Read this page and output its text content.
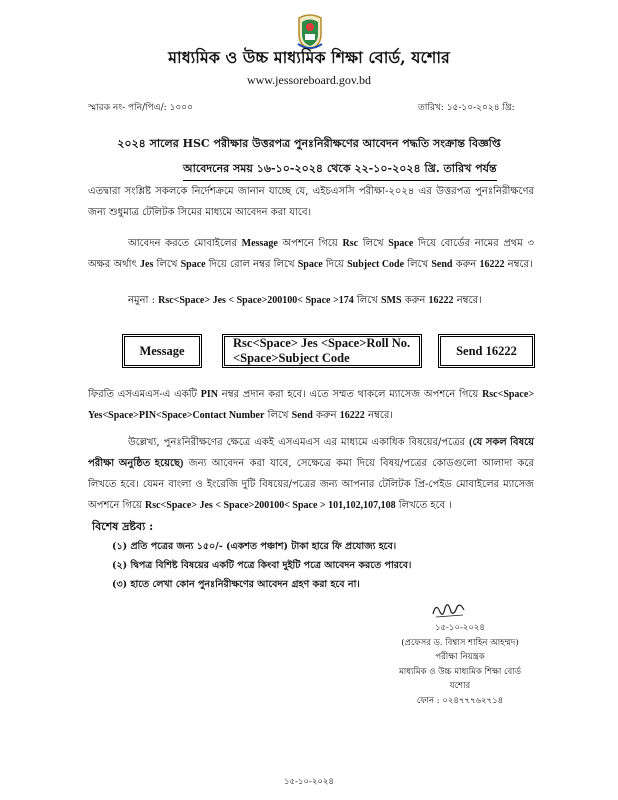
মাধ্যমিক ও উচ্চ মাধ্যমিক শিক্ষা বোর্ড, যশোর
www.jessoreboard.gov.bd
স্মারক নং- পনি/পিএ/: ১০০০	তারিখ: ১৫-১০-২০২৪ খ্রি:
২০২৪ সালের HSC পরীক্ষার উত্তরপত্র পুনঃনিরীক্ষণের আবেদন পদ্ধতি সংক্রান্ত বিজ্ঞপ্তি
আবেদনের সময় ১৬-১০-২০২৪ থেকে ২২-১০-২০২৪ খ্রি. তারিখ পর্যন্ত
এতদ্বারা সংশ্লিষ্ট সকলকে নির্দেশক্রমে জানান যাচ্ছে যে, এইচএসসি পরীক্ষা-২০২৪ এর উত্তরপত্র পুনঃনিরীক্ষণের জন্য শুধুমাত্র টেলিটক সিমের মাধ্যমে আবেদন করা যাবে।
আবেদন করতে মোবাইলের Message অপশনে গিয়ে Rsc লিখে Space দিয়ে বোর্ডের নামের প্রথম ৩ অক্ষর অর্থাৎ Jes লিখে Space দিয়ে রোল নম্বর লিখে Space দিয়ে Subject Code লিখে Send করুন 16222 নম্বরে।
নমুনা : Rsc<Space> Jes < Space>200100< Space >174 লিখে SMS করুন 16222 নম্বরে।
Message
Rsc<Space> Jes <Space>Roll No.<Space>Subject Code
Send 16222
ফিরতি এসএমএস-এ একটি PIN নম্বর প্রদান করা হবে। এতে সম্মত থাকলে ম্যাসেজ অপশনে গিয়ে Rsc<Space> Yes<Space>PIN<Space>Contact Number লিখে Send করুন 16222 নম্বরে।
উল্লেখ্য, পুনঃনিরীক্ষণের ক্ষেত্রে একই এসএমএস এর মাধ্যমে একাধিক বিষয়ের/পত্রের (যে সকল বিষয়ে পরীক্ষা অনুষ্ঠিত হয়েছে) জন্য আবেদন করা যাবে, সেক্ষেত্রে কমা দিয়ে বিষয়/পত্রের কোডগুলো আলাদা করে লিখতে হবে। যেমন বাংলা ও ইংরেজি দুটি বিষয়ের/পত্রের জন্য আপনার টেলিটক প্রি-পেইড মোবাইলের ম্যাসেজ অপশনে গিয়ে Rsc<Space> Jes < Space>200100< Space > 101,102,107,108 লিখতে হবে ।
বিশেষ দ্রষ্টব্য :
(১) প্রতি পত্রের জন্য ১৫০/- (একশত পঞ্চাশ) টাকা হারে ফি প্রযোজ্য হবে।
(২) দ্বিপত্র বিশিষ্ট বিষয়ের একটি পত্রে কিংবা দুইটি পত্রে আবেদন করতে পারবে।
(৩) হাতে লেখা কোন পুনঃনিরীক্ষণের আবেদন গ্রহণ করা হবে না।
১৫-১০-২০২৪
(প্রফেসর ড. বিশ্বাস শাহিন আহম্মদ)
পরীক্ষা নিয়ন্ত্রক
মাধ্যমিক ও উচ্চ মাধ্যমিক শিক্ষা বোর্ড
যশোর
ফোন : ০২৪৭৭৭৬২৭১৪
১৫-১০-২০২৪
